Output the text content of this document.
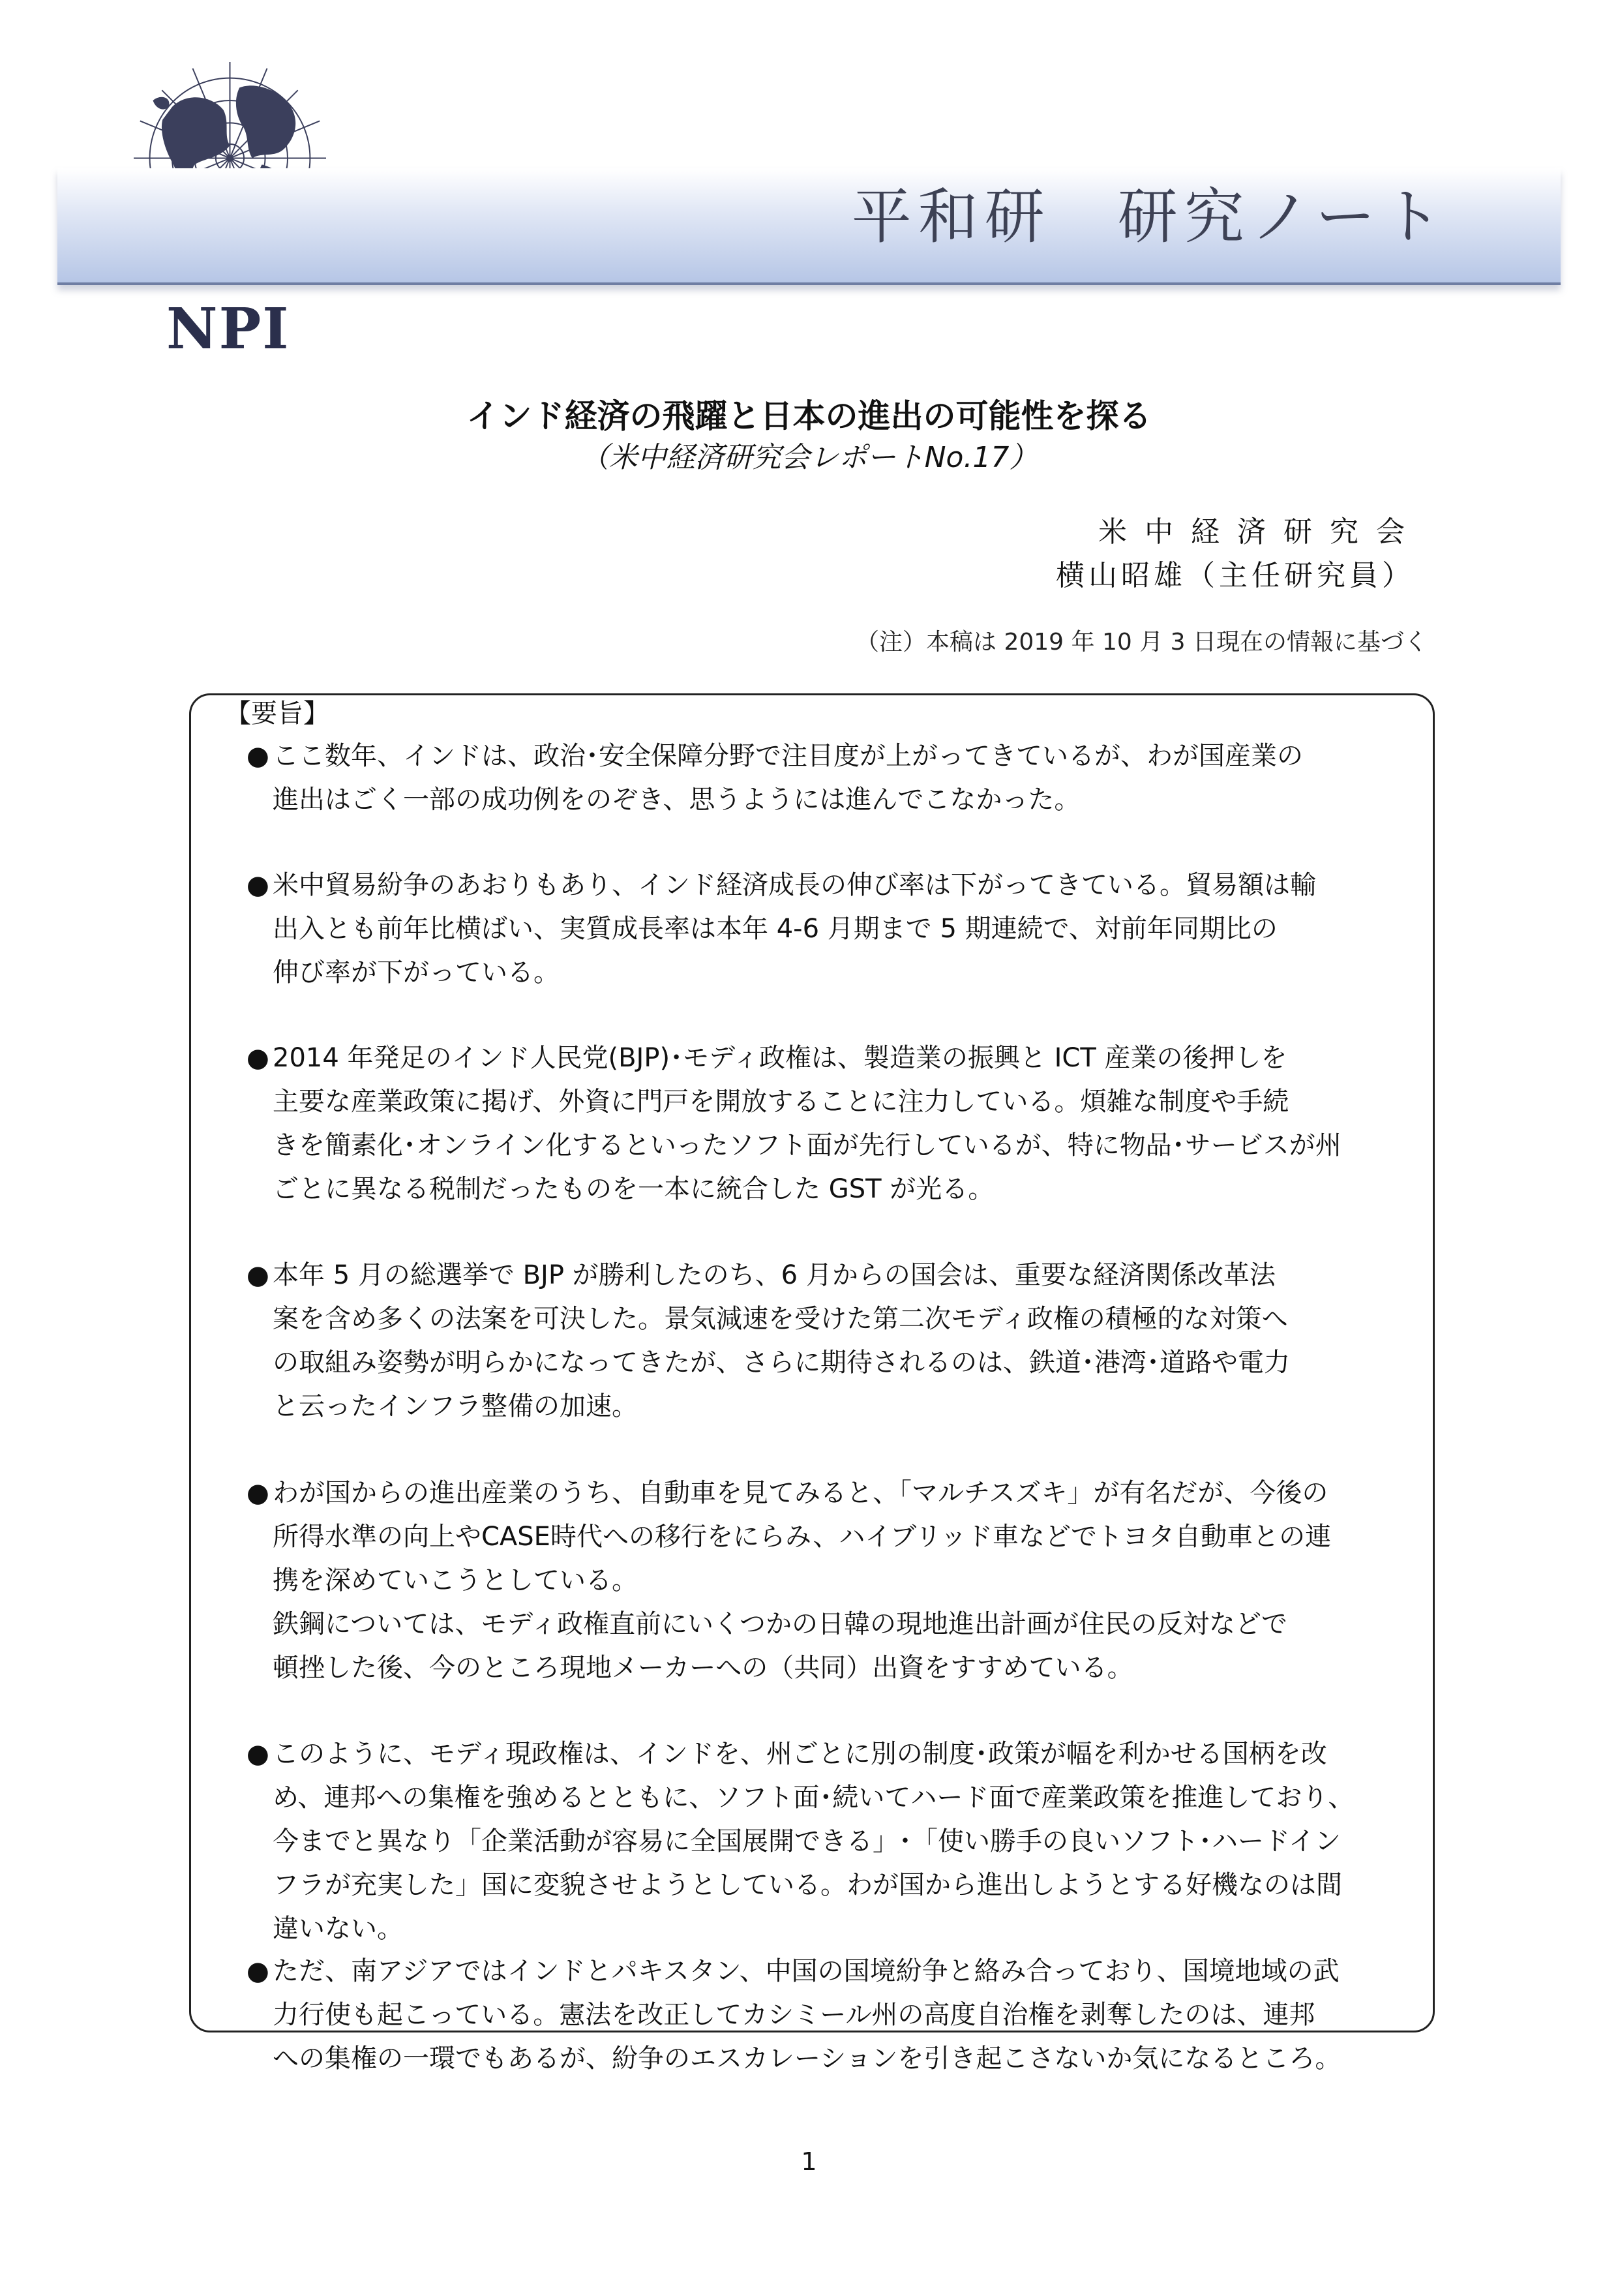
NPI
平和研　研究ノート
インド経済の飛躍と日本の進出の可能性を探る
（米中経済研究会レポートNo.17）
米中経済研究会
横山昭雄（主任研究員）
（注）本稿は 2019 年 10 月 3 日現在の情報に基づく
【要旨】
● ここ数年、インドは、政治･安全保障分野で注目度が上がってきているが、わが国産業の
進出はごく一部の成功例をのぞき、思うようには進んでこなかった。
● 米中貿易紛争のあおりもあり、インド経済成長の伸び率は下がってきている。貿易額は輸
出入とも前年比横ばい、実質成長率は本年 4-6 月期まで 5 期連続で、対前年同期比の
伸び率が下がっている。
● 2014 年発足のインド人民党(BJP)･モディ政権は、製造業の振興と ICT 産業の後押しを
主要な産業政策に掲げ、外資に門戸を開放することに注力している。煩雑な制度や手続
きを簡素化･オンライン化するといったソフト面が先行しているが、特に物品･サービスが州
ごとに異なる税制だったものを一本に統合した GST が光る。
● 本年 5 月の総選挙で BJP が勝利したのち、6 月からの国会は、重要な経済関係改革法
案を含め多くの法案を可決した。景気減速を受けた第二次モディ政権の積極的な対策へ
の取組み姿勢が明らかになってきたが、さらに期待されるのは、鉄道･港湾･道路や電力
と云ったインフラ整備の加速。
● わが国からの進出産業のうち、自動車を見てみると、「マルチスズキ」が有名だが、今後の
所得水準の向上やCASE時代への移行をにらみ、ハイブリッド車などでトヨタ自動車との連
携を深めていこうとしている。
鉄鋼については、モディ政権直前にいくつかの日韓の現地進出計画が住民の反対などで
頓挫した後、今のところ現地メーカーへの（共同）出資をすすめている。
● このように、モディ現政権は、インドを、州ごとに別の制度･政策が幅を利かせる国柄を改
め、連邦への集権を強めるとともに、ソフト面･続いてハード面で産業政策を推進しており、
今までと異なり「企業活動が容易に全国展開できる」･「使い勝手の良いソフト･ハードイン
フラが充実した」国に変貌させようとしている。わが国から進出しようとする好機なのは間
違いない。
● ただ、南アジアではインドとパキスタン、中国の国境紛争と絡み合っており、国境地域の武
力行使も起こっている。憲法を改正してカシミール州の高度自治権を剥奪したのは、連邦
への集権の一環でもあるが、紛争のエスカレーションを引き起こさないか気になるところ。
1
